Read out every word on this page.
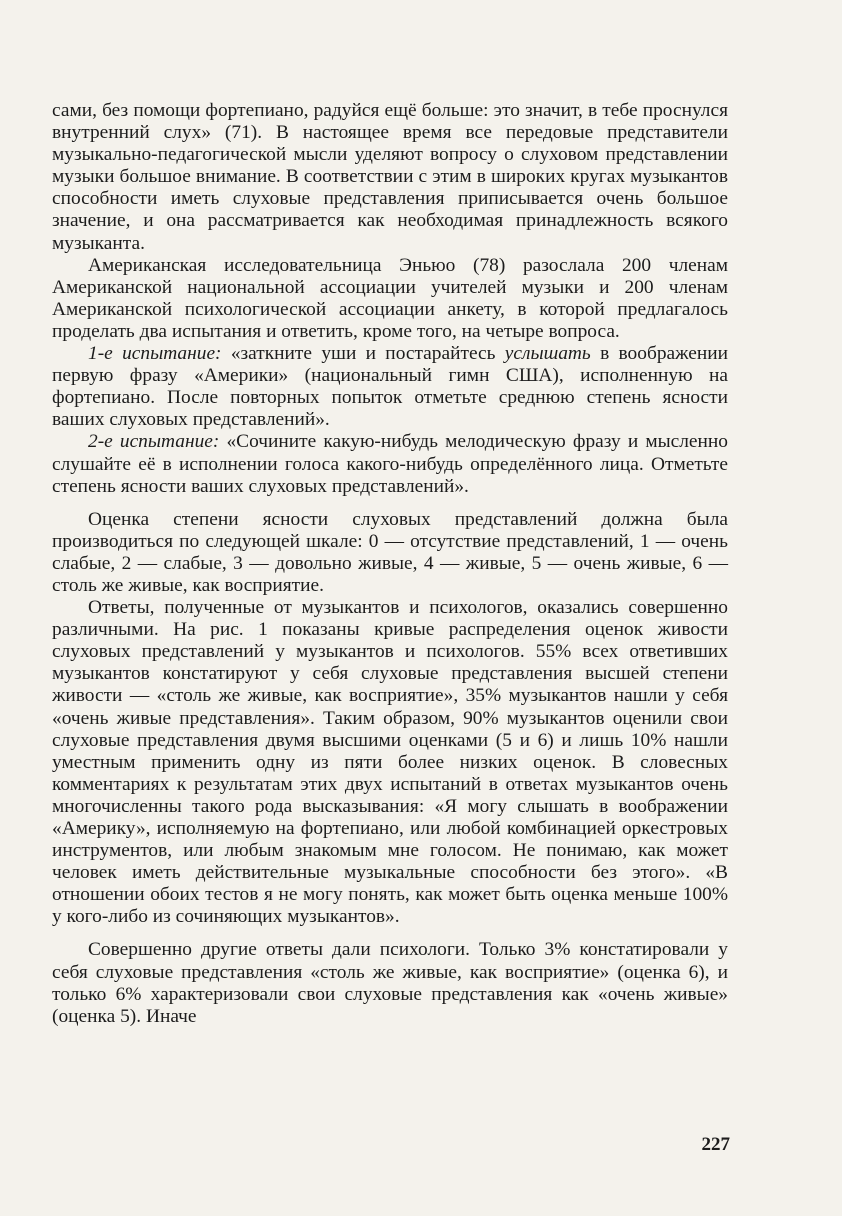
сами, без помощи фортепиано, радуйся ещё больше: это значит, в тебе проснулся внутренний слух» (71). В настоящее время все передовые представители музыкально-педагогической мысли уделяют вопросу о слуховом представлении музыки большое внимание. В соответствии с этим в широких кругах музыкантов способности иметь слуховые представления приписывается очень большое значение, и она рассматривается как необходимая принадлежность всякого музыканта.

Американская исследовательница Эньюо (78) разослала 200 членам Американской национальной ассоциации учителей музыки и 200 членам Американской психологической ассоциации анкету, в которой предлагалось проделать два испытания и ответить, кроме того, на четыре вопроса.

1-е испытание: «заткните уши и постарайтесь услышать в воображении первую фразу «Америки» (национальный гимн США), исполненную на фортепиано. После повторных попыток отметьте среднюю степень ясности ваших слуховых представлений».

2-е испытание: «Сочините какую-нибудь мелодическую фразу и мысленно слушайте её в исполнении голоса какого-нибудь определённого лица. Отметьте степень ясности ваших слуховых представлений».

Оценка степени ясности слуховых представлений должна была производиться по следующей шкале: 0 — отсутствие представлений, 1 — очень слабые, 2 — слабые, 3 — довольно живые, 4 — живые, 5 — очень живые, 6 — столь же живые, как восприятие.

Ответы, полученные от музыкантов и психологов, оказались совершенно различными. На рис. 1 показаны кривые распределения оценок живости слуховых представлений у музыкантов и психологов. 55% всех ответивших музыкантов констатируют у себя слуховые представления высшей степени живости — «столь же живые, как восприятие», 35% музыкантов нашли у себя «очень живые представления». Таким образом, 90% музыкантов оценили свои слуховые представления двумя высшими оценками (5 и 6) и лишь 10% нашли уместным применить одну из пяти более низких оценок. В словесных комментариях к результатам этих двух испытаний в ответах музыкантов очень многочисленны такого рода высказывания: «Я могу слышать в воображении «Америку», исполняемую на фортепиано, или любой комбинацией оркестровых инструментов, или любым знакомым мне голосом. Не понимаю, как может человек иметь действительные музыкальные способности без этого». «В отношении обоих тестов я не могу понять, как может быть оценка меньше 100% у кого-либо из сочиняющих музыкантов».

Совершенно другие ответы дали психологи. Только 3% констатировали у себя слуховые представления «столь же живые, как восприятие» (оценка 6), и только 6% характеризовали свои слуховые представления как «очень живые» (оценка 5). Иначе

227
